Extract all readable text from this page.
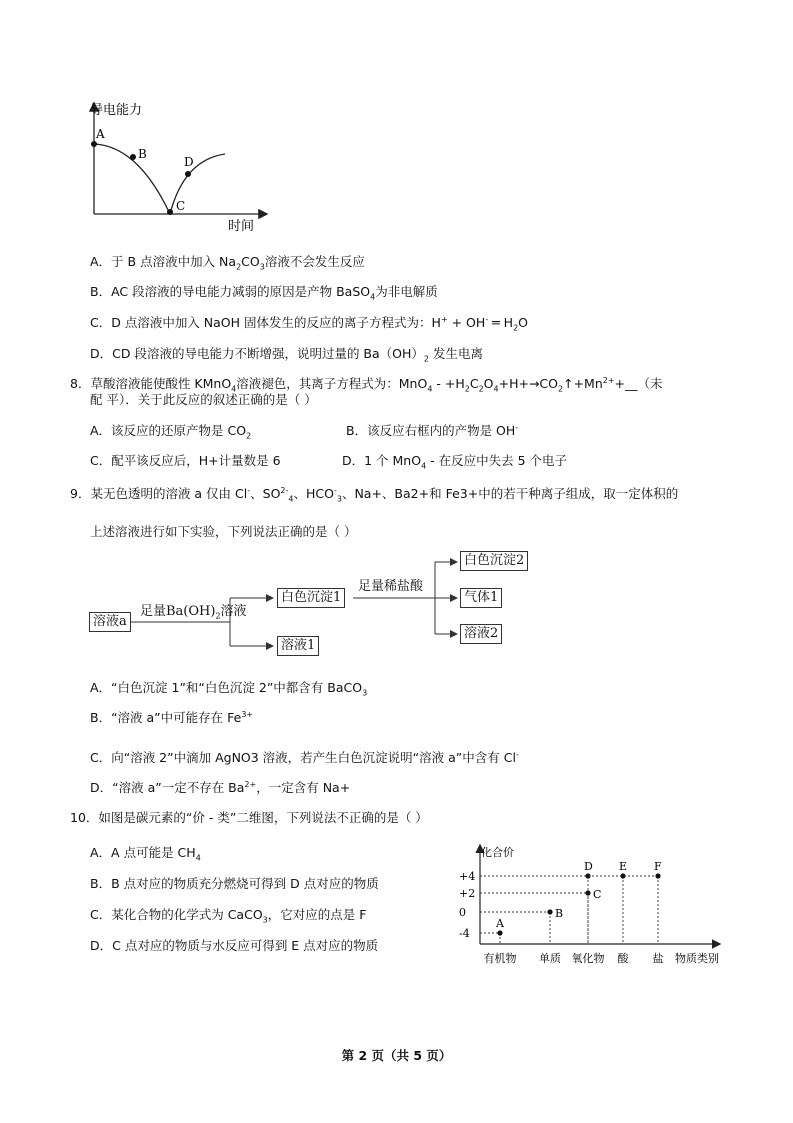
导电能力
时间
A
B
C
D
A．于 B 点溶液中加入 $Na_2CO_3$溶液不会发生反应
B．AC 段溶液的导电能力减弱的原因是产物 BaSO$_4$为非电解质
C．D 点溶液中加入 NaOH 固体发生的反应的离子方程式为：H+ + OH- ═ $H_2O$
D．CD 段溶液的导电能力不断增强，说明过量的 $Ba(OH)_2$ 发生电离
8．草酸溶液能使酸性 KMnO$_4$溶液褪色，其离子方程式为：$MnO_4 - +H_2C_2O_4+H+\to CO_2↑+Mn^{2+}+\_\_$（未
配 平）．关于此反应的叙述正确的是（ ）
A．该反应的还原产物是 $CO_2$	B．该反应右框内的产物是 OH-
C．配平该反应后，H+计量数是 6	D．1 个 MnO$_4$ - 在反应中失去 5 个电子
9．某无色透明的溶液 a 仅由 Cl-、$SO^{2-}_4$、$HCO^-_3$、Na+、Ba2+和 Fe3+中的若干种离子组成，取一定体积的
上述溶液进行如下实验，下列说法正确的是（ ）
溶液a
足量$Ba(OH)_2$溶液
白色沉淀1
溶液1
足量稀盐酸
白色沉淀2
气体1
溶液2
A．“白色沉淀 1”和“白色沉淀 2”中都含有 BaCO$_3$
B．“溶液 a”中可能存在 $Fe^{3+}$
C．向“溶液 2”中滴加 AgNO3 溶液，若产生白色沉淀说明“溶液 a”中含有 Cl-
D．“溶液 a”一定不存在 $Ba^{2+}$，一定含有 Na+
10．如图是碳元素的“价 - 类”二维图，下列说法不正确的是（ ）
A．A 点可能是 $CH_4$
B．B 点对应的物质充分燃烧可得到 D 点对应的物质
C．某化合物的化学式为 CaCO$_3$，它对应的点是 F
D．C 点对应的物质与水反应可得到 E 点对应的物质
化合价
物质类别
+4
+2
0
-4
有机物 单质 氧化物 酸 盐
A
B
C
D E F
第 2 页（共 5 页）
